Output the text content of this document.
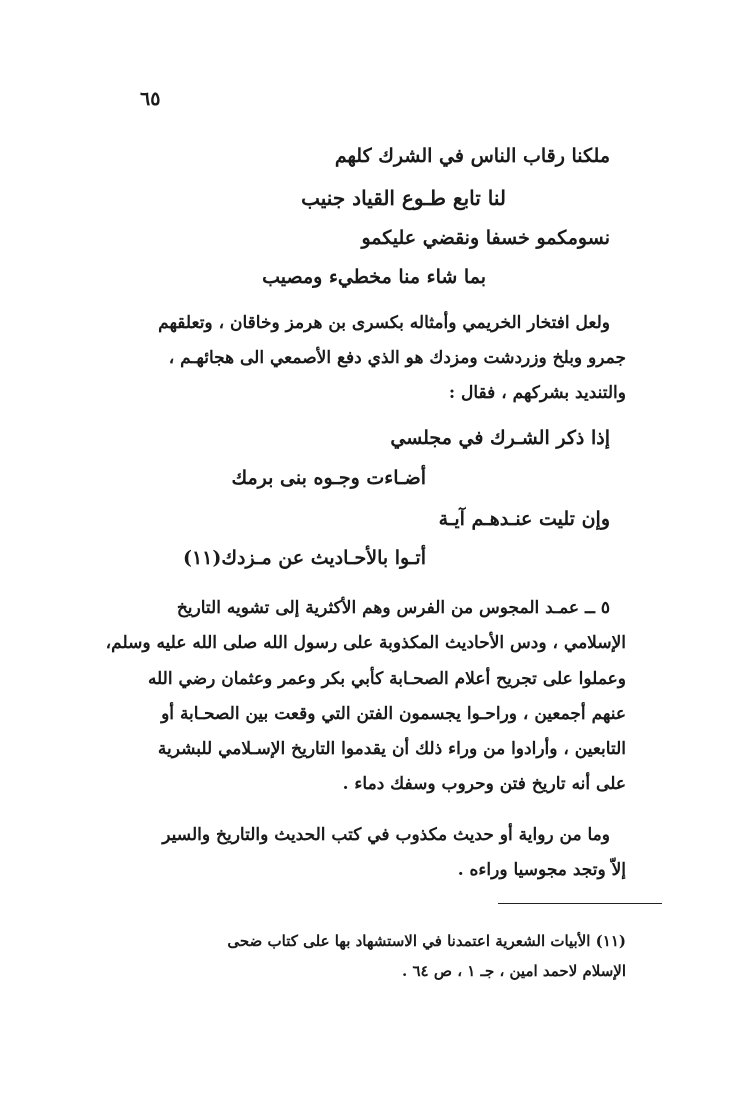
٦٥
ملكنا رقاب الناس في الشرك كلهم
لنا تابع طـوع القياد جنيب
نسومكمو خسفا ونقضي عليكمو
بما شاء منا مخطيء ومصيب
ولعل افتخار الخريمي وأمثاله بكسرى بن هرمز وخاقان ، وتعلقهم
جمرو وبلخ وزردشت ومزدك هو الذي دفع الأصمعي الى هجائهـم ،
والتنديد بشركهم ، فقال :
إذا ذكر الشـرك في مجلسي
أضـاءت وجـوه بنى برمك
وإن تليت عنـدهـم آيـة
أتـوا بالأحـاديث عن مـزدك(١١)
٥ ــ عمـد المجوس من الفرس وهم الأكثرية إلى تشويه التاريخ
الإسلامي ، ودس الأحاديث المكذوبة على رسول الله صلى الله عليه وسلم،
وعملوا على تجريح أعلام الصحـابة كأبي بكر وعمر وعثمان رضي الله
عنهم أجمعين ، وراحـوا يجسمون الفتن التي وقعت بين الصحـابة أو
التابعين ، وأرادوا من وراء ذلك أن يقدموا التاريخ الإسـلامي للبشرية
على أنه تاريخ فتن وحروب وسفك دماء .
وما من رواية أو حديث مكذوب في كتب الحديث والتاريخ والسير
إلاّ وتجد مجوسيا وراءه .
(١١) الأبيات الشعرية اعتمدنا في الاستشهاد بها على كتاب ضحى
الإسلام لاحمد امين ، جـ ١ ، ص ٦٤ .
